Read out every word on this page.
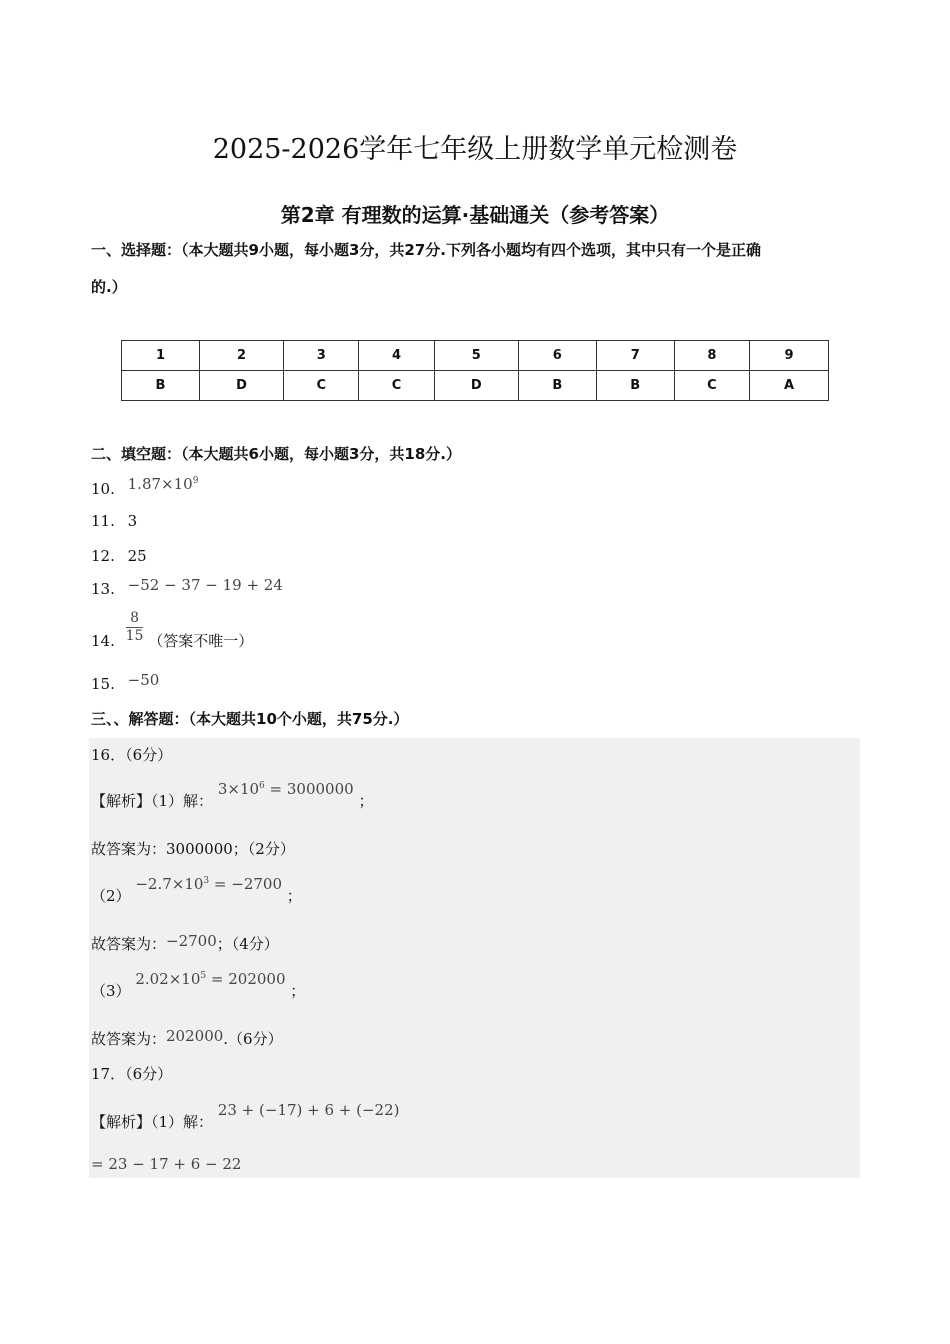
2025-2026学年七年级上册数学单元检测卷
第2章 有理数的运算·基础通关（参考答案）
一、选择题：（本大题共9小题，每小题3分，共27分.下列各小题均有四个选项，其中只有一个是正确
的.）
1	2	3	4	5	6	7	8	9
B	D	C	C	D	B	B	C	A
二、填空题：（本大题共6小题，每小题3分，共18分.）
10. $1.87\times 10^9$
11. 3
12. 25
13. −52 − 37 − 19 + 24
14. $\frac{8}{15}$ （答案不唯一）
15. −50
三、、解答题：（本大题共10个小题，共75分.）
16．（6分）
【解析】（1）解： $3\times 10^6 = 3000000$ ；
故答案为：3000000；（2分）
$(2) -2.7\times 10^3 = -2700$ ；
故答案为：−2700；（4分）
（3） $2.02\times 10^5 = 202000$ ；
故答案为：202000.（6分）
17．（6分）
【解析】（1）解： 23 + (−17) + 6 + (−22)
= 23 − 17 + 6 − 22
